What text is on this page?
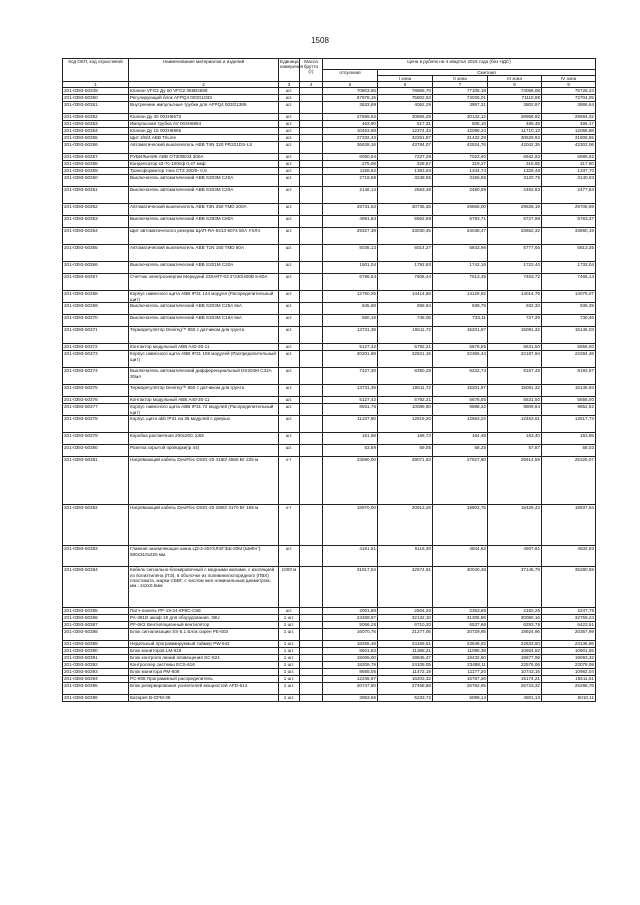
1508
Код ОКП, код отраслевой	Наименование материалов и изделий	Единица измерения	Масса брутто (т)	Цена в рублях на 4 квартал 2015 года (без НДС)				
				отпускная	Сметная			
					I зона	II зона	III зона	IV зона
1	2	3	4	5	6	7	8	9
201-0393-50349	Клапан VFG2 Ду 50 VFG2 065B2669	шт.		70803,65	78965,70	77105,18	74068,08	75728,24
201-0393-50350	Регулирующий блок AFPQ4 003G1033	шт.		67978,15	75802,63	74026,01	71110,88	72704,05
201-0393-50351	Внутренние импульсные трубки для AFPQ4 003G1385	шт.		3633,89	4052,29	3957,31	3802,97	3886,64
201-0393-50352	Клапан Ду 40 003H6573	шт.		27669,53	30856,29	30132,12	28956,92	29594,02
201-0393-50353	Импульсная трубка AV 003H6854	шт.		463,90	517,31	505,18	485,49	496,17
201-0393-50354	Клапан Ду 15 003H6855	шт.		10463,69	12374,43	12096,24	11710,13	12086,88
201-0393-50355	Щит 2/8/4 ABB TriLine	шт.		27332,43	32261,87	31432,29	30529,93	31605,55
201-0393-50356	Автоматический выключатель ABB T4N 320 PR221DS-LS	шт.		36639,16	43784,07	42524,76	42042,35	42302,06
201-0393-50357	РУБИЛЬНИК ABB OT300E03 300A	шт.		6050,64	7227,28	7022,60	6942,93	6985,82
201-0393-50358	Конденсатор к3-7с-100пф 0,47 мкф	шт.		275,08	328,57	319,27	315,65	317,60
201-0393-50359	Трансформатор тока СТЗ 200/5- 0,5	шт.		1158,62	1383,93	1344,74	1329,48	1337,70
201-0393-50360	Выключатель автоматический ABB S203M C40A	шт.		2719,68	3248,55	3156,55	3120,75	3140,03
201-0393-50361	Выключатель автоматический ABB S203M C20A	шт.		2146,14	2563,48	2490,89	2462,63	2477,84
201-0393-50362	Автоматический выключатель ABB T3N 250 TMD 200A	шт.		25731,63	30735,35	29865,00	29526,19	29708,59
201-0393-50363	Выключатель автоматический ABB S293M C80A	шт.		4991,83	5962,58	5793,71	5727,98	5763,37
201-0393-50364	Щит автоматического резерва ЩАП-RA-6313-5074 50А УХЛ4	шт.		29327,39	33030,45	34038,47	33652,32	33860,19
201-0393-50365	Автоматический выключатель ABB T1N 160 TMD 50A	шт.		5035,13	6014,27	5843,96	5777,66	5813,35
201-0393-50366	Выключатель автоматический ABB S201M C20A	шт.		1501,04	1792,93	1742,16	1722,40	1733,04
201-0393-50367	Счетчик электроэнергии Меркурий 230ART-03 3*230/400В 5-60А	шт.		6786,54	7606,44	7513,35	7453,72	7466,14
201-0393-50368	Корпус навесного щита ABB IP31 144 модуля (Распределительный щит)	шт.		12760,25	14414,66	14126,92	14014,79	14075,07
201-0393-50369	Выключатель автоматический ABB S203M C25A 6кА	шт.		845,68	958,94	939,79	932,33	936,39
201-0393-50370	Выключатель автоматический ABB S203M C16A 6кА	шт.		660,19	748,05	733,11	727,29	730,46
201-0393-50371	Терморегулятор Devireg™ 850 с датчиком для грунта	шт.		13731,39	15511,72	15201,97	15081,32	15146,03
201-0393-50372	Контактор модульный ABB A40-30-11	шт.		5127,42	5792,21	5676,55	5631,50	5656,00
201-0393-50373	Корпус навесного щита ABB IP31 108 модулей (Распределительный щит)	шт.		20201,69	22821,15	22365,44	22187,94	22284,48
201-0393-50374	Выключатель автоматический дифференциальный DS204M C32A 30мА	шт.		7427,30	8390,25	8222,74	8157,48	8192,97
201-0393-50375	Терморегулятор Devireg™ 850 с датчиком для грунта	шт.		13731,39	15511,72	15201,97	15081,32	15146,93
201-0393-50376	Контактор модульный ABB A40-30-11	шт.		5127,42	5792,21	5676,55	5631,50	5656,00
201-0393-50377	Корпус навесного щита ABB IP31 72 модулей (Распределительный щит)	шт.		8931,76	10089,80	9888,32	9809,84	9852,52
201-0393-50378	Корпус щита abb IP31 на 36 модулей с дверью	шт.		11347,90	12819,20	12563,22	12463,51	12517,73
201-0393-50379	Коробка распаечная 200х200, ip55	шт.		151,58	166,73	164,48	163,40	163,85
201-0393-50380	Розетка скрытой проводки(ip 44)	шт.		53,69	59,05	58,25	57,87	58,03
201-0393-50381	Нагревающий кабель DeviFlex DSIG-20 4180/ 4565 Вт 225 м	к-т		23590,00	29071,53	27527,80	25614,59	25325,07
201-0393-50382	Нагревающий кабель DeviFlex DSIG-20 2900/ 3170 Вт 159 м	к-т		16970,00	20913,26	19802,75	18426,43	18937,54
201-0393-50383	Главная заземляющая шина ЦЗ-3-20УХЛ3/ГЗШ-20М (ШкФн"): 580х310х220 мм.	шт.		4151,51	5116,30	4844,62	4507,91	4632,93
201-0393-50384	Кабель сигнально-блокировочный с медными жилами, с изоляцией из полиэтилена (ПЭ), в оболочке из поливинилхлоридного (ПВХ) пластиката, марки СБВГ, с числом жил номинальным диаметром, мм.: 2х2х0,5мм	1000 м		31917,54	42674,61	40040,48	37145,79	35280,59
201-0393-50385	Патч-панель PP-19-24-8P8C-C5E	шт.		2001,86	2504,20	2353,66	2182,25	2247,75
201-0393-50386	PA-391D шкаф 19 для оборудования, 36U	1 шт.		24269,67	32132,10	31305,86	30090,16	32759,24
201-0393-50387	PF-6K2 Вентиляционный вентилятор	1 шт.		5066,28	6710,20	6537,66	6283,79	6423,51
201-0393-50388	Блок сигнализации SS-5.1 Блок сирен PE-603	1 шт.		16070,76	21277,06	20729,95	19924,96	20367,99
201-0393-50389	Недельный программируемый таймер PW-642	1 шт.		18255,48	24169,51	23548,02	22633,60	23136,86
201-0393-50390	Блок мониторов LM-618	1 шт.		8601,82	11388,21	11095,38	10664,52	10901,65
201-0393-50391	Блок контроля линий оповещения SC-624	1 шт.		15065,00	19945,47	19432,60	18677,99	19093,32
201-0393-50392	Контроллер системы ECS-616	1 шт.		18209,79	24109,05	23488,11	22576,06	23078,08
201-0393-50393	Блок монитора PM-608	1 шт.		8665,05	11472,19	11177,20	10743,16	10982,04
201-0393-50394	PC-608 Программный распределитель	1 шт.		12236,97	16203,32	15787,26	15174,21	15511,61
201-0393-50395	Блок резервирования усилителей мощностей AFD-614	1 шт.		20747,50	27468,88	26762,65	25723,32	26295,76
201-0393-50396	Батарея B-GFM-38	1 шт.		3953,66	5233,72	5099,14	4901,13	5010,11
